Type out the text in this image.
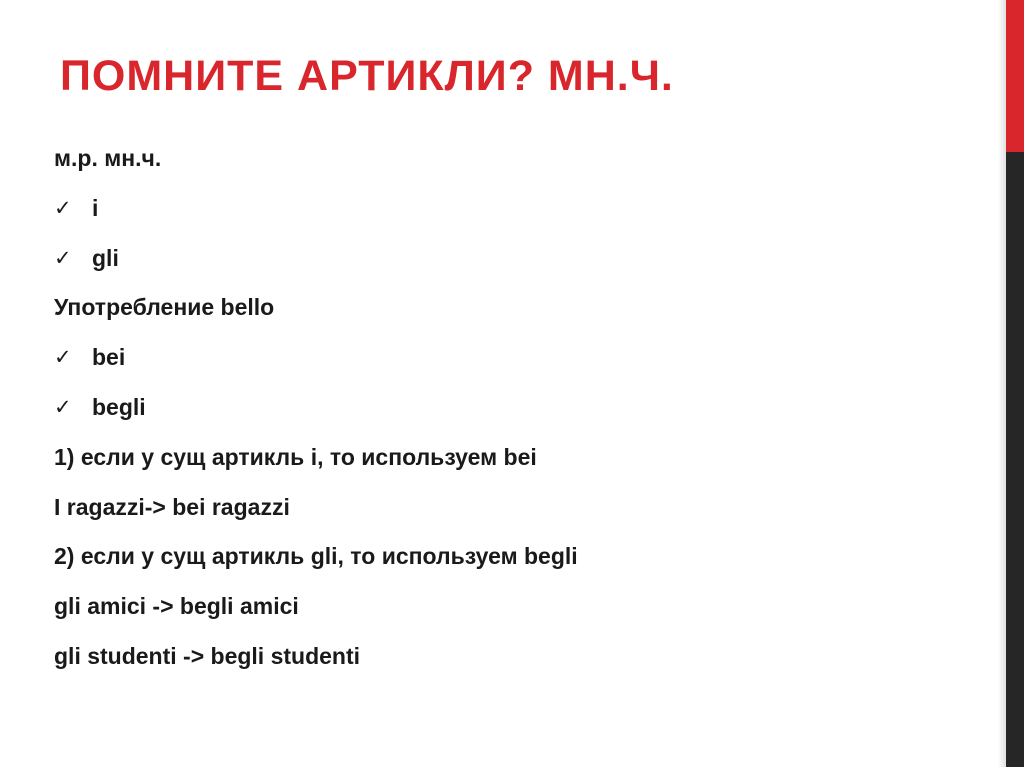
ПОМНИТЕ АРТИКЛИ? МН.Ч.
м.р. мн.ч.
✓ i
✓ gli
Употребление bello
✓ bei
✓ begli
1) если у сущ артикль i, то используем bei
I ragazzi-> bei ragazzi
2) если у сущ артикль gli, то используем begli
gli amici -> begli amici
gli studenti -> begli studenti
